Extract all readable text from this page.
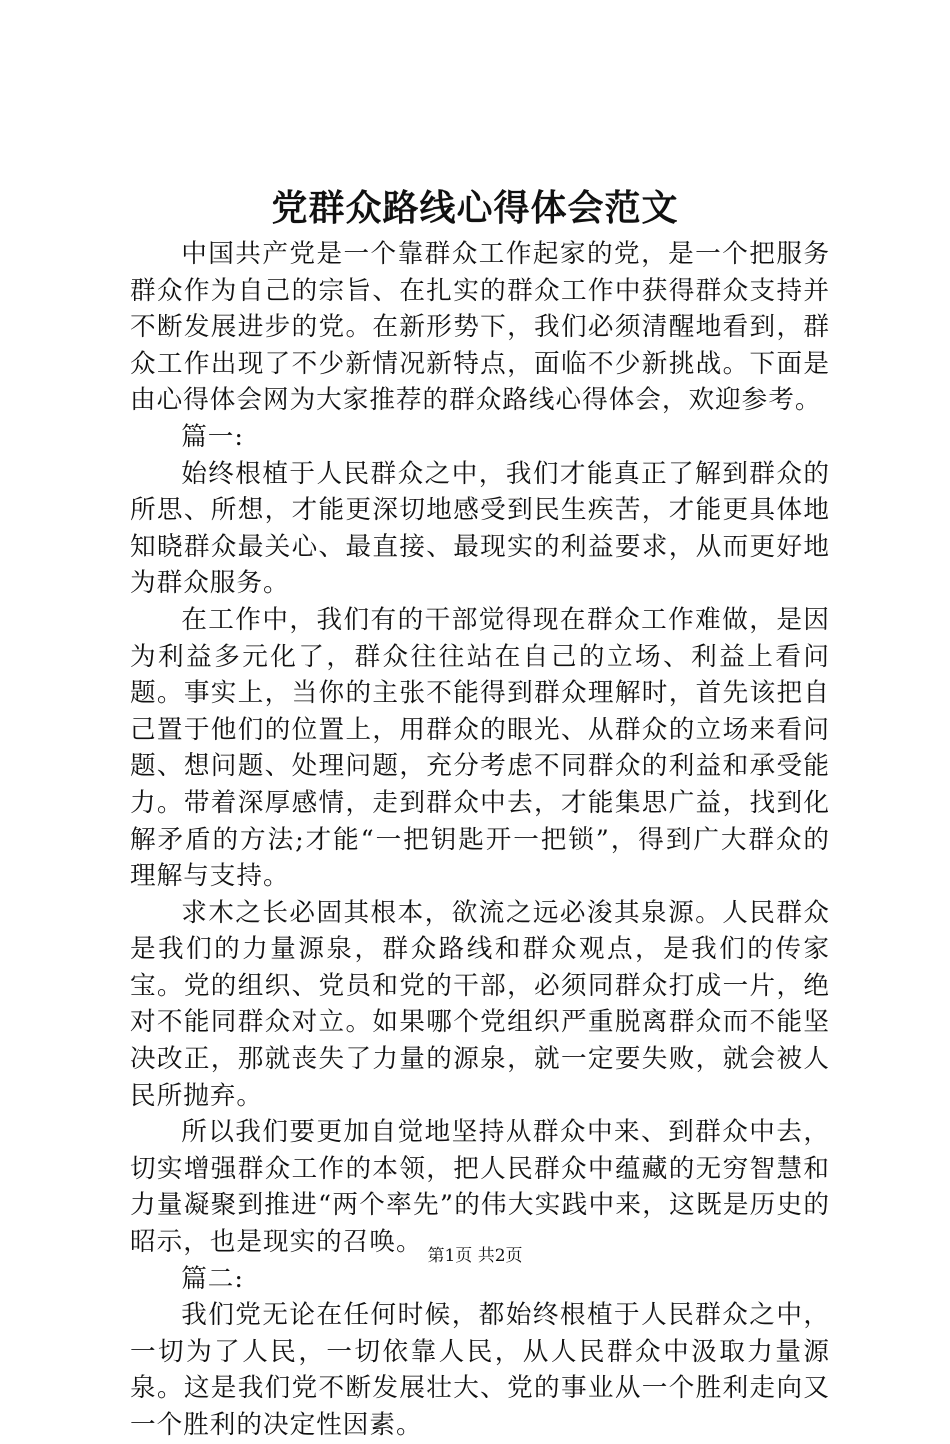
党群众路线心得体会范文

中国共产党是一个靠群众工作起家的党，是一个把服务群众作为自己的宗旨、在扎实的群众工作中获得群众支持并不断发展进步的党。在新形势下，我们必须清醒地看到，群众工作出现了不少新情况新特点，面临不少新挑战。下面是由心得体会网为大家推荐的群众路线心得体会，欢迎参考。

篇一:

始终根植于人民群众之中，我们才能真正了解到群众的所思、所想，才能更深切地感受到民生疾苦，才能更具体地知晓群众最关心、最直接、最现实的利益要求，从而更好地为群众服务。

在工作中，我们有的干部觉得现在群众工作难做，是因为利益多元化了，群众往往站在自己的立场、利益上看问题。事实上，当你的主张不能得到群众理解时，首先该把自己置于他们的位置上，用群众的眼光、从群众的立场来看问题、想问题、处理问题，充分考虑不同群众的利益和承受能力。带着深厚感情，走到群众中去，才能集思广益，找到化解矛盾的方法;才能“一把钥匙开一把锁”，得到广大群众的理解与支持。

求木之长必固其根本，欲流之远必浚其泉源。人民群众是我们的力量源泉，群众路线和群众观点，是我们的传家宝。党的组织、党员和党的干部，必须同群众打成一片，绝对不能同群众对立。如果哪个党组织严重脱离群众而不能坚决改正，那就丧失了力量的源泉，就一定要失败，就会被人民所抛弃。

所以我们要更加自觉地坚持从群众中来、到群众中去，切实增强群众工作的本领，把人民群众中蕴藏的无穷智慧和力量凝聚到推进“两个率先”的伟大实践中来，这既是历史的昭示，也是现实的召唤。

篇二:

我们党无论在任何时候，都始终根植于人民群众之中，一切为了人民，一切依靠人民，从人民群众中汲取力量源泉。这是我们党不断发展壮大、党的事业从一个胜利走向又一个胜利的决定性因素。

第1页 共2页
